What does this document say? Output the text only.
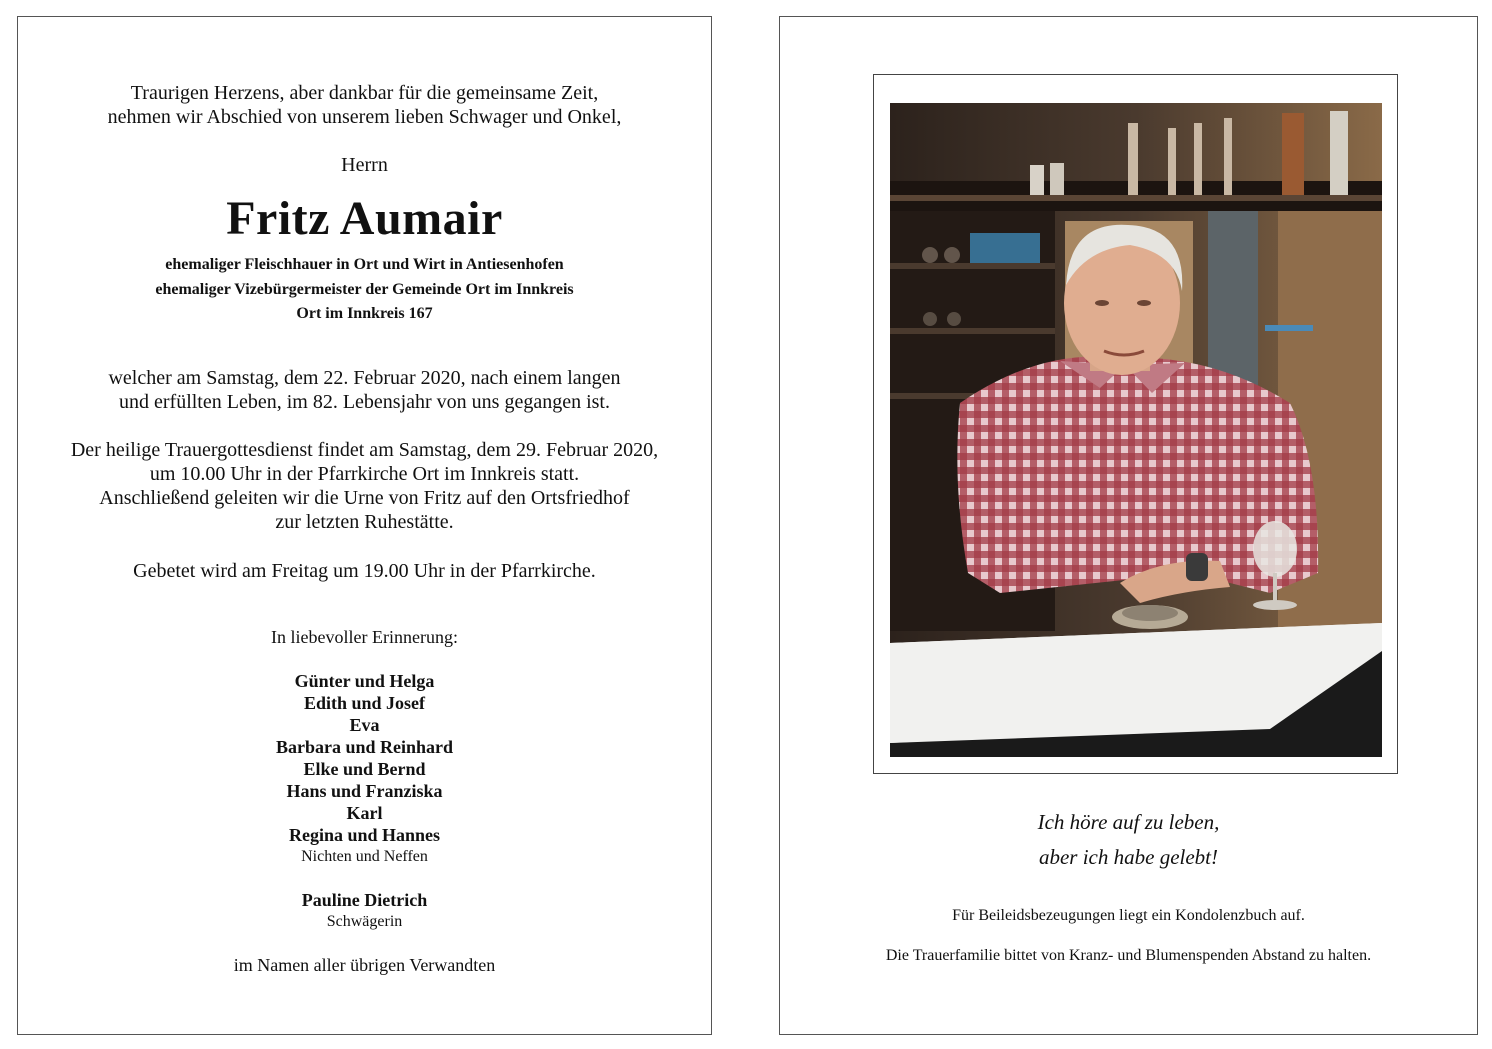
Traurigen Herzens, aber dankbar für die gemeinsame Zeit,
nehmen wir Abschied von unserem lieben Schwager und Onkel,
Herrn
Fritz Aumair
ehemaliger Fleischhauer in Ort und Wirt in Antiesenhofen
ehemaliger Vizebürgermeister der Gemeinde Ort im Innkreis
Ort im Innkreis 167
welcher am Samstag, dem 22. Februar 2020, nach einem langen
und erfüllten Leben, im 82. Lebensjahr von uns gegangen ist.
Der heilige Trauergottesdienst findet am Samstag, dem 29. Februar 2020,
um 10.00 Uhr in der Pfarrkirche Ort im Innkreis statt.
Anschließend geleiten wir die Urne von Fritz auf den Ortsfriedhof
zur letzten Ruhestätte.
Gebetet wird am Freitag um 19.00 Uhr in der Pfarrkirche.
In liebevoller Erinnerung:
Günter und Helga
Edith und Josef
Eva
Barbara und Reinhard
Elke und Bernd
Hans und Franziska
Karl
Regina und Hannes
Nichten und Neffen
Pauline Dietrich
Schwägerin
im Namen aller übrigen Verwandten
Ich höre auf zu leben,
aber ich habe gelebt!
Für Beileidsbezeugungen liegt ein Kondolenzbuch auf.
Die Trauerfamilie bittet von Kranz- und Blumenspenden Abstand zu halten.
